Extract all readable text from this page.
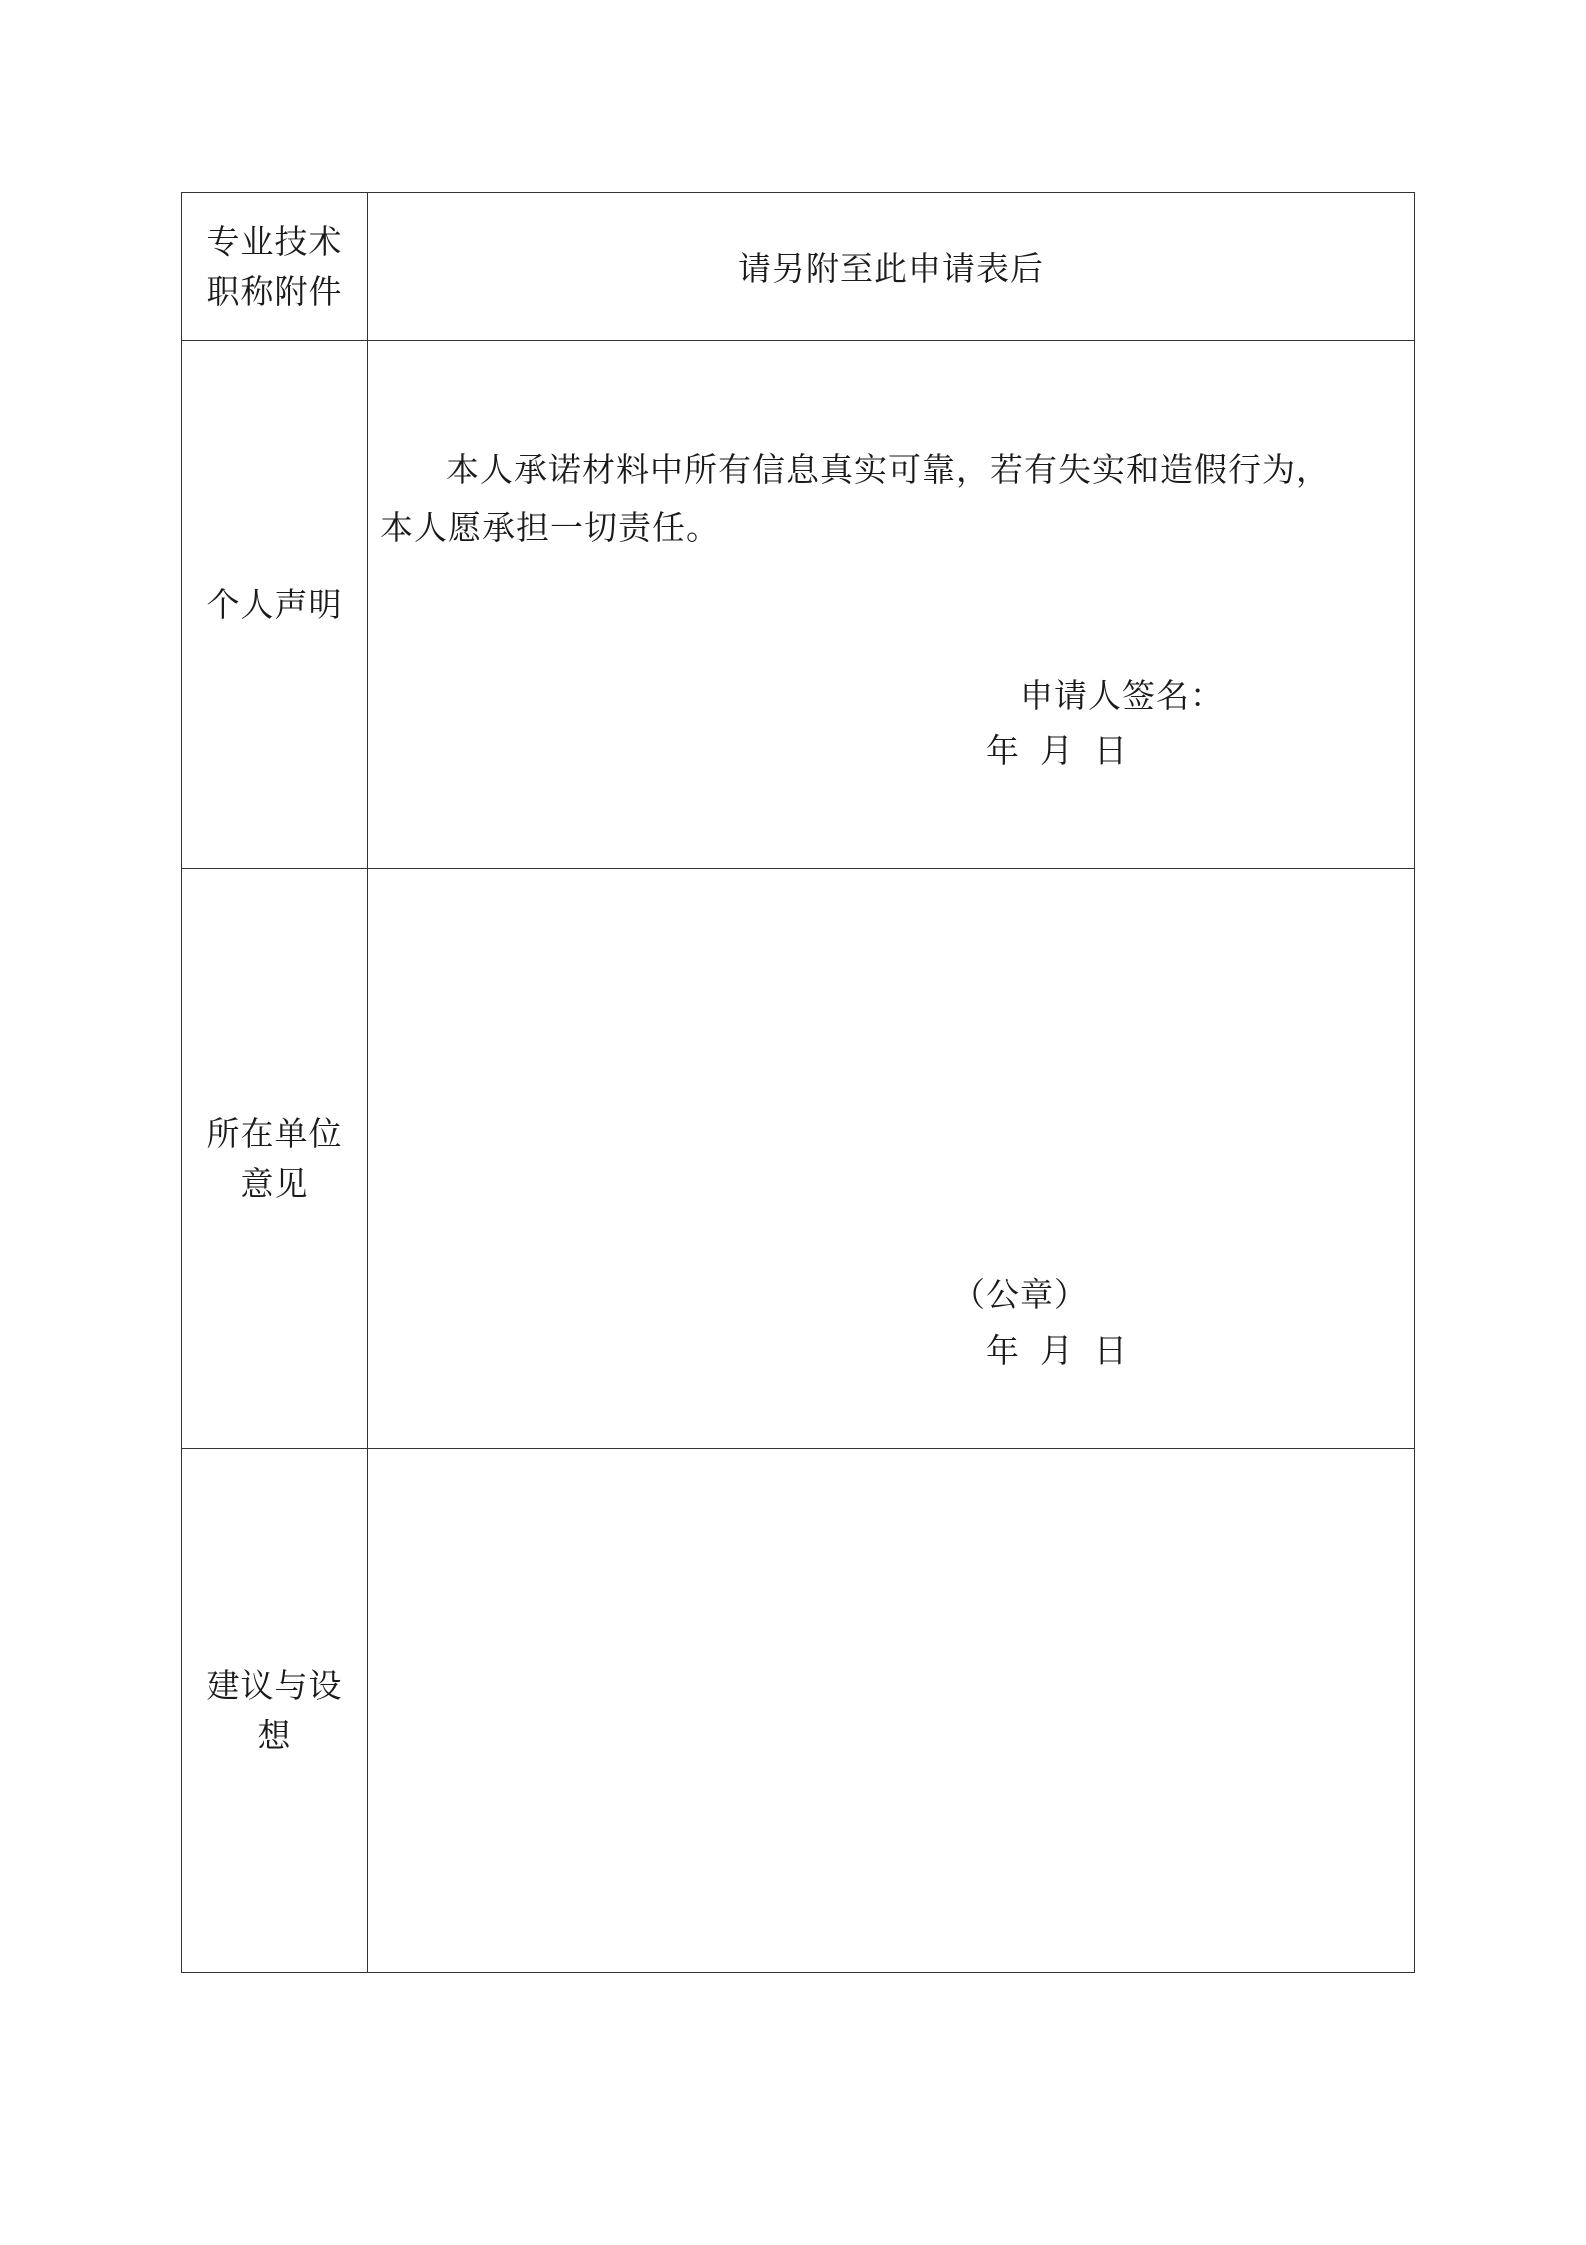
专业技术
职称附件	请另附至此申请表后

个人声明	本人承诺材料中所有信息真实可靠，若有失实和造假行为，本人愿承担一切责任。
申请人签名：
年 月 日

所在单位
意见	（公章）
年 月 日

建议与设
想	
